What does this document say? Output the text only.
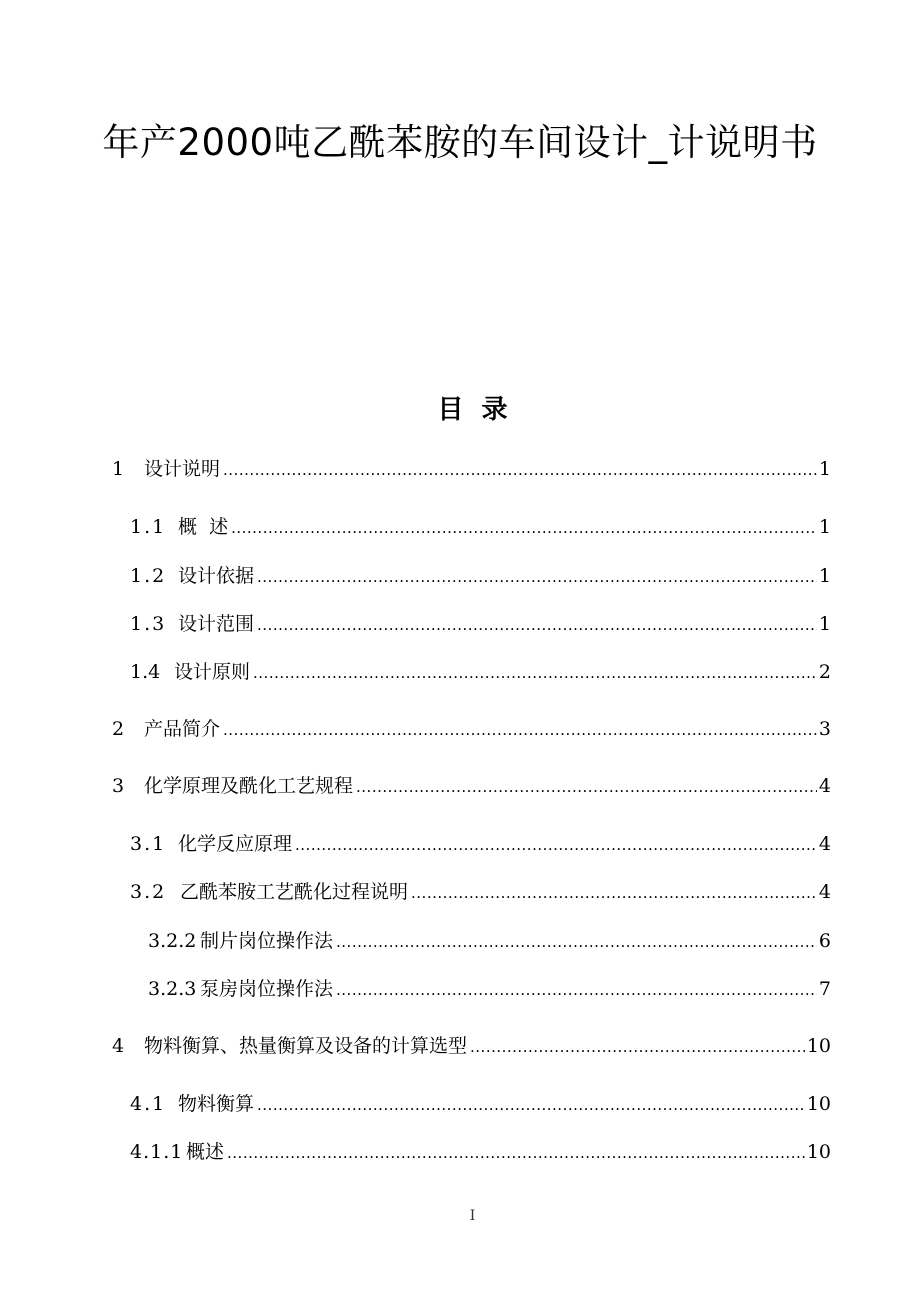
年产2000吨乙酰苯胺的车间设计_计说明书
目 录
1	设计说明 .....	1
1.1 概  述 .....	1
1.2 设计依据 .....	1
1.3 设计范围 .....	1
1.4 设计原则 .....	2
2	产品简介 .....	3
3	化学原理及酰化工艺规程 .....	4
3.1 化学反应原理 .....	4
3.2 乙酰苯胺工艺酰化过程说明 .....	4
3.2.2 制片岗位操作法 .....	6
3.2.3 泵房岗位操作法 .....	7
4	物料衡算、热量衡算及设备的计算选型 .....	10
4.1 物料衡算 .....	10
4.1.1 概述 .....	10
I
